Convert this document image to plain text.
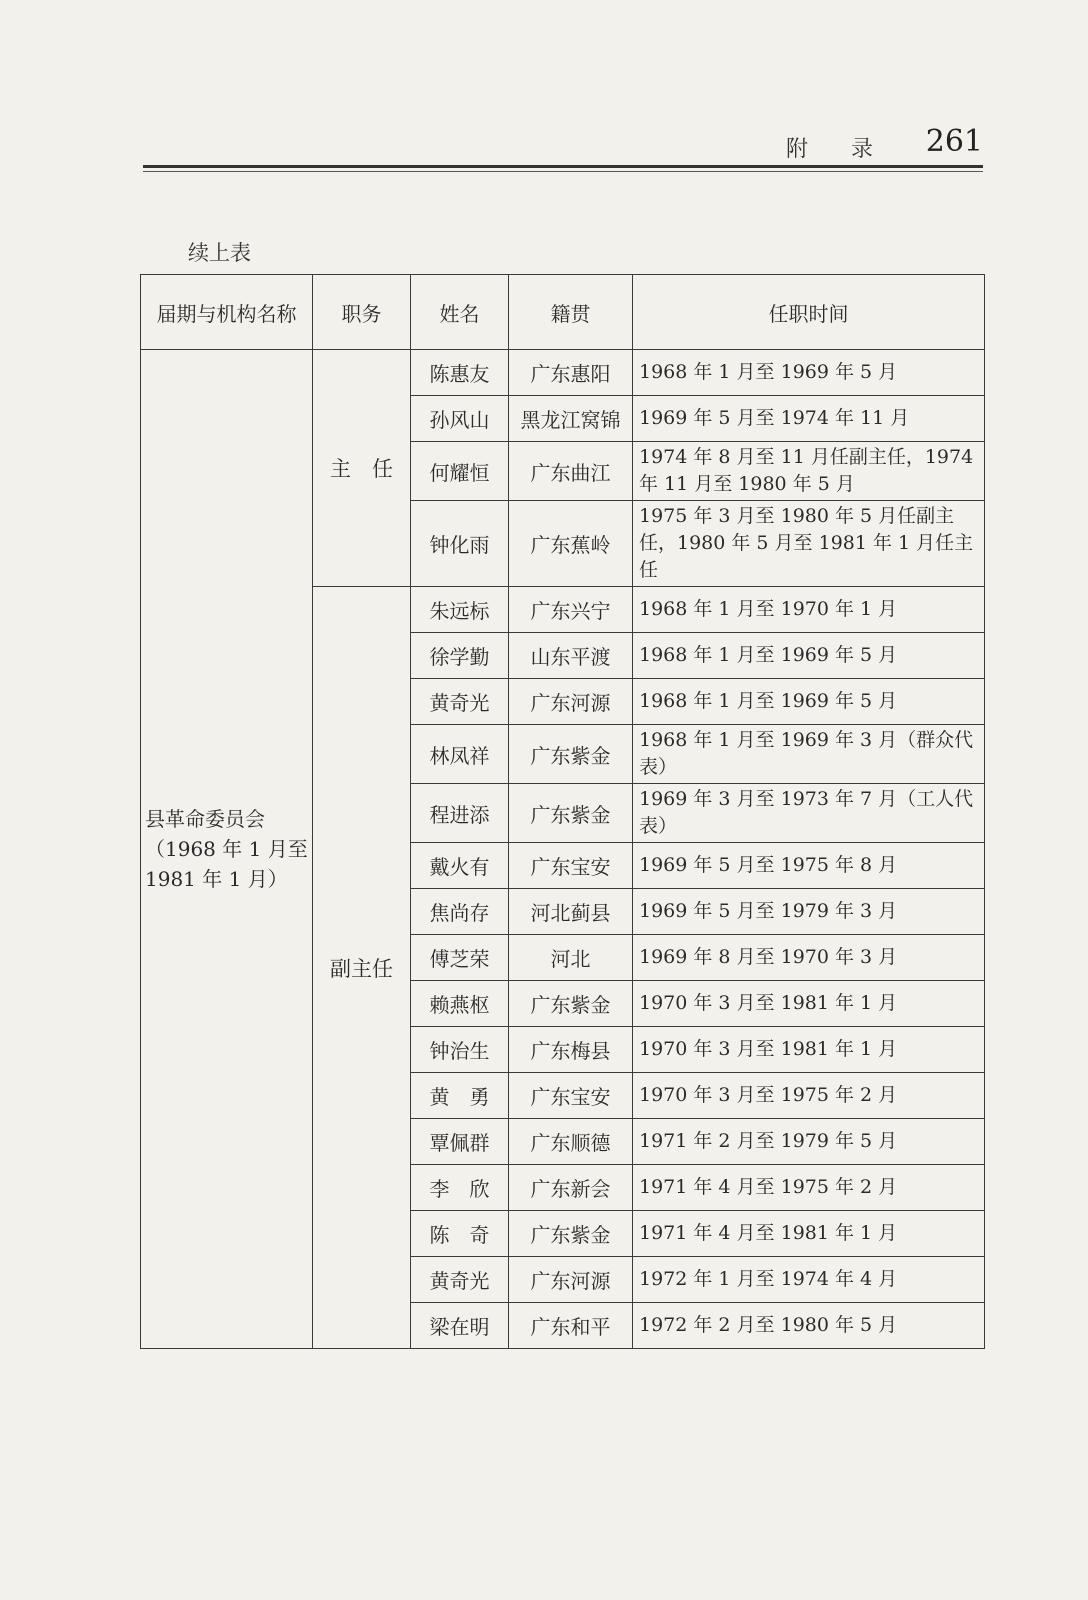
附 录 261
续上表
届期与机构名称	职务	姓名	籍贯	任职时间
县革命委员会（1968 年 1 月至 1981 年 1 月）	主　任	陈惠友	广东惠阳	1968 年 1 月至 1969 年 5 月
		孙风山	黑龙江窝锦	1969 年 5 月至 1974 年 11 月
		何耀恒	广东曲江	1974 年 8 月至 11 月任副主任，1974 年 11 月至 1980 年 5 月
		钟化雨	广东蕉岭	1975 年 3 月至 1980 年 5 月任副主任，1980 年 5 月至 1981 年 1 月任主任
	副主任	朱远标	广东兴宁	1968 年 1 月至 1970 年 1 月
		徐学勤	山东平渡	1968 年 1 月至 1969 年 5 月
		黄奇光	广东河源	1968 年 1 月至 1969 年 5 月
		林凤祥	广东紫金	1968 年 1 月至 1969 年 3 月（群众代表）
		程进添	广东紫金	1969 年 3 月至 1973 年 7 月（工人代表）
		戴火有	广东宝安	1969 年 5 月至 1975 年 8 月
		焦尚存	河北蓟县	1969 年 5 月至 1979 年 3 月
		傅芝荣	河北	1969 年 8 月至 1970 年 3 月
		赖燕枢	广东紫金	1970 年 3 月至 1981 年 1 月
		钟治生	广东梅县	1970 年 3 月至 1981 年 1 月
		黄　勇	广东宝安	1970 年 3 月至 1975 年 2 月
		覃佩群	广东顺德	1971 年 2 月至 1979 年 5 月
		李　欣	广东新会	1971 年 4 月至 1975 年 2 月
		陈　奇	广东紫金	1971 年 4 月至 1981 年 1 月
		黄奇光	广东河源	1972 年 1 月至 1974 年 4 月
		梁在明	广东和平	1972 年 2 月至 1980 年 5 月
